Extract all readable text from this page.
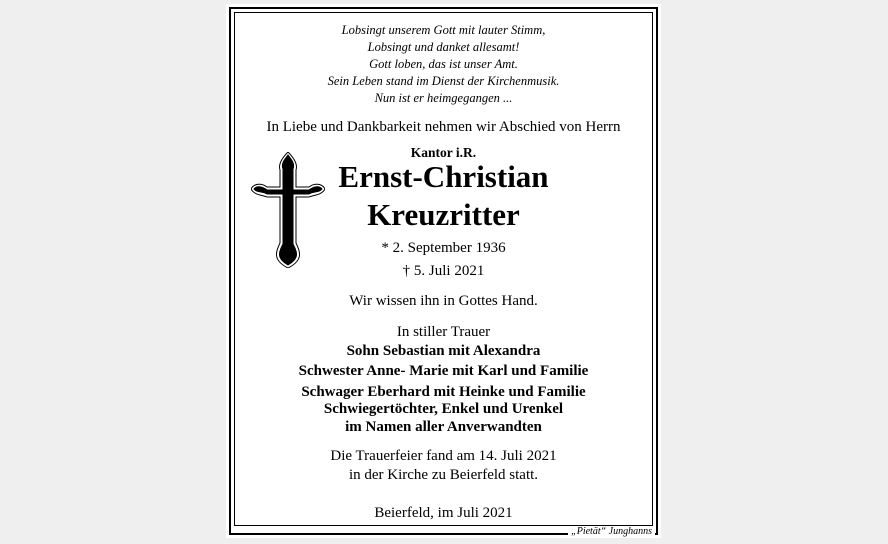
Lobsingt unserem Gott mit lauter Stimm,
Lobsingt und danket allesamt!
Gott loben, das ist unser Amt.
Sein Leben stand im Dienst der Kirchenmusik.
Nun ist er heimgegangen ...
In Liebe und Dankbarkeit nehmen wir Abschied von Herrn
Kantor i.R.
Ernst-Christian
Kreuzritter
* 2. September 1936
† 5. Juli 2021
Wir wissen ihn in Gottes Hand.
In stiller Trauer
Sohn Sebastian mit Alexandra
Schwester Anne- Marie mit Karl und Familie
Schwager Eberhard mit Heinke und Familie
Schwiegertöchter, Enkel und Urenkel
im Namen aller Anverwandten
Die Trauerfeier fand am 14. Juli 2021
in der Kirche zu Beierfeld statt.
Beierfeld, im Juli 2021
„Pietät“ Junghanns
